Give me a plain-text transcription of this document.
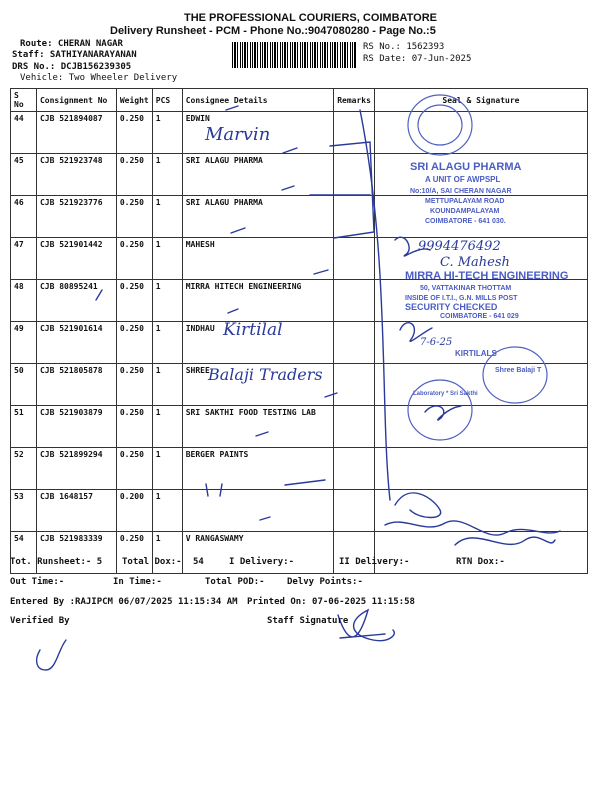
THE PROFESSIONAL COURIERS, COIMBATORE
Delivery Runsheet - PCM - Phone No.:9047080280 - Page No.:5
Route: CHERAN NAGAR
Staff: SATHIYANARAYANAN
DRS No.: DCJB156239305
Vehicle: Two Wheeler Delivery
RS No.: 1562393
RS Date: 07-Jun-2025
S No	Consignment No	Weight	PCS	Consignee Details	Remarks	Seal & Signature
44	CJB 521894087	0.250	1	EDWIN		
45	CJB 521923748	0.250	1	SRI ALAGU PHARMA		
46	CJB 521923776	0.250	1	SRI ALAGU PHARMA		
47	CJB 521901442	0.250	1	MAHESH		
48	CJB 80895241	0.250	1	MIRRA HITECH ENGINEERING		
49	CJB 521901614	0.250	1	INDHAU		
50	CJB 521805878	0.250	1	SHREE		
51	CJB 521903879	0.250	1	SRI SAKTHI FOOD TESTING LAB		
52	CJB 521899294	0.250	1	BERGER PAINTS		
53	CJB 1648157	0.200	1			
54	CJB 521983339	0.250	1	V RANGASWAMY		
Marvin
Kirtilal
Balaji Traders
9994476492
C. Mahesh
7-6-25
SRI ALAGU PHARMA
A UNIT OF AWPSPL
No:10/A, SAI CHERAN NAGAR
METTUPALAYAM ROAD
KOUNDAMPALAYAM
COIMBATORE - 641 030.
MIRRA HI-TECH ENGINEERING
50, VATTAKINAR THOTTAM
INSIDE OF I.T.I., G.N. MILLS POST
COIMBATORE - 641 029
SECURITY CHECKED
KIRTILALS
Shree Balaji T
Laboratory * Sri Sakthi
Tot. Runsheet:- 5 Total Dox:- 54	I Delivery:-	II Delivery:-	RTN Dox:-
Out Time:-	In Time:-	Total POD:- Delvy Points:-
Entered By :RAJIPCM 06/07/2025 11:15:34 AM Printed On: 07-06-2025 11:15:58
Verified By	Staff Signature
